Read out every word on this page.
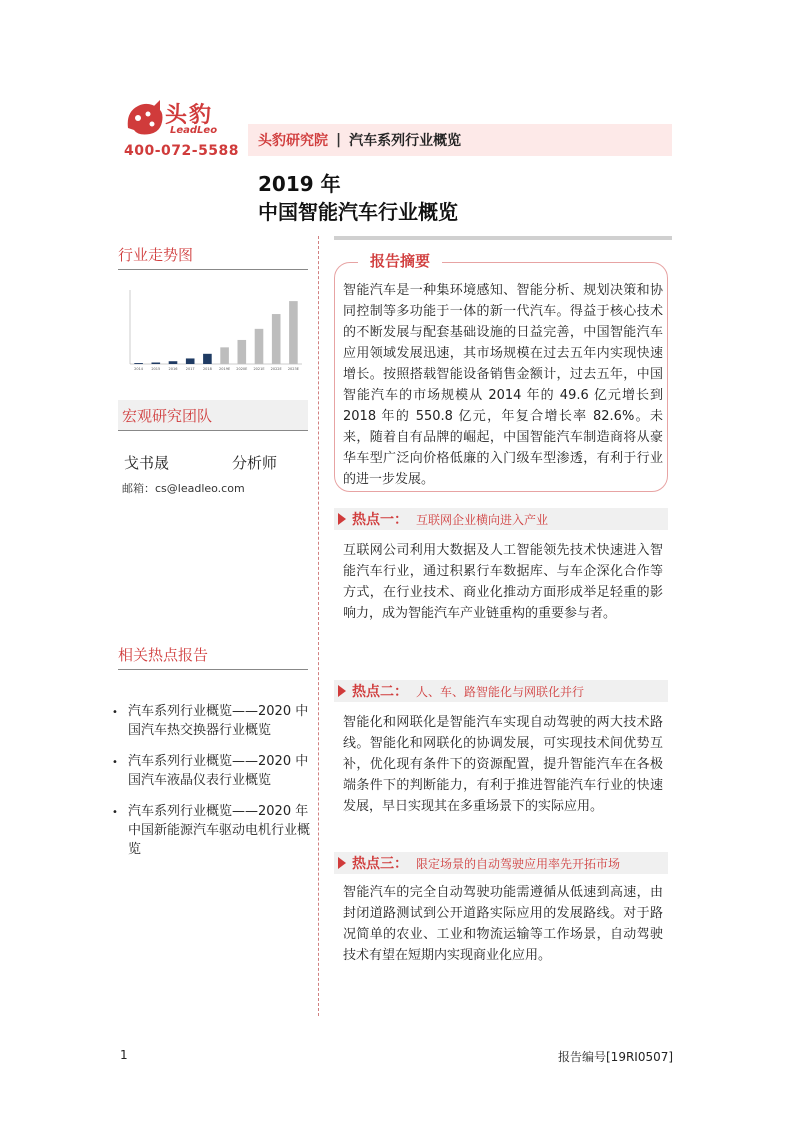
头豹
LeadLeo
400-072-5588
头豹研究院 | 汽车系列行业概览
2019 年
中国智能汽车行业概览
行业走势图
2014 2015 2016 2017 2018 2019E 2020E 2021E 2022E 2023E
宏观研究团队
戈书晟	分析师
邮箱：cs@leadleo.com
相关热点报告
• 汽车系列行业概览——2020 中国汽车热交换器行业概览
• 汽车系列行业概览——2020 中国汽车液晶仪表行业概览
• 汽车系列行业概览——2020 年中国新能源汽车驱动电机行业概览
报告摘要
智能汽车是一种集环境感知、智能分析、规划决策和协同控制等多功能于一体的新一代汽车。得益于核心技术的不断发展与配套基础设施的日益完善，中国智能汽车应用领域发展迅速，其市场规模在过去五年内实现快速增长。按照搭载智能设备销售金额计，过去五年，中国智能汽车的市场规模从 2014 年的 49.6 亿元增长到 2018 年的 550.8 亿元，年复合增长率 82.6%。未来，随着自有品牌的崛起，中国智能汽车制造商将从豪华车型广泛向价格低廉的入门级车型渗透，有利于行业的进一步发展。
热点一： 互联网企业横向进入产业
互联网公司利用大数据及人工智能领先技术快速进入智能汽车行业，通过积累行车数据库、与车企深化合作等方式，在行业技术、商业化推动方面形成举足轻重的影响力，成为智能汽车产业链重构的重要参与者。
热点二： 人、车、路智能化与网联化并行
智能化和网联化是智能汽车实现自动驾驶的两大技术路线。智能化和网联化的协调发展，可实现技术间优势互补，优化现有条件下的资源配置，提升智能汽车在各极端条件下的判断能力，有利于推进智能汽车行业的快速发展，早日实现其在多重场景下的实际应用。
热点三： 限定场景的自动驾驶应用率先开拓市场
智能汽车的完全自动驾驶功能需遵循从低速到高速，由封闭道路测试到公开道路实际应用的发展路线。对于路况简单的农业、工业和物流运输等工作场景，自动驾驶技术有望在短期内实现商业化应用。
1	报告编号[19RI0507]
